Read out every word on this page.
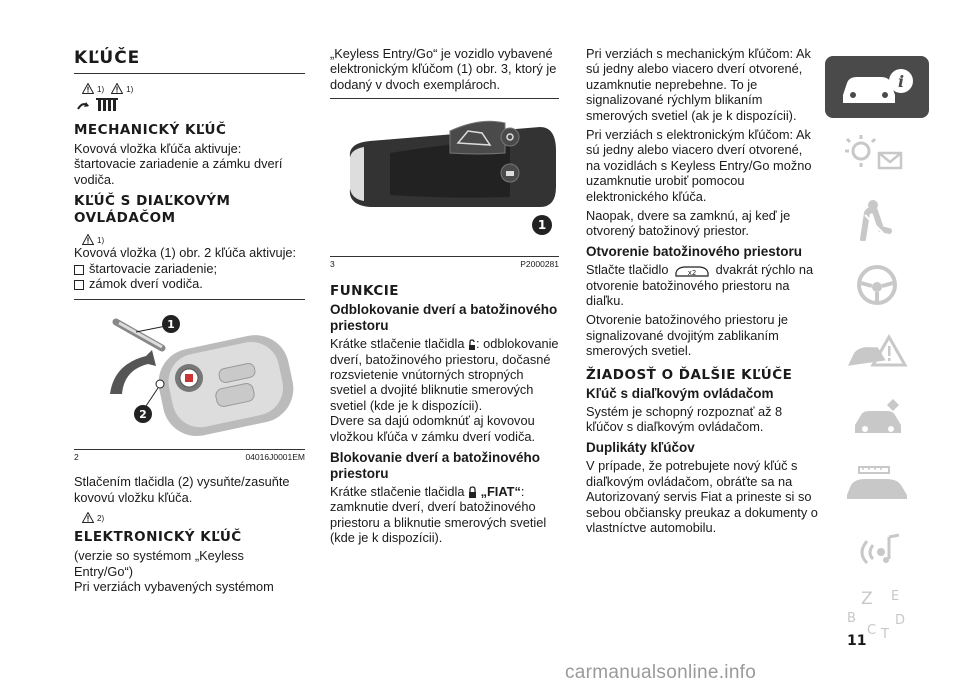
KĽÚČE
1)	1)
MECHANICKÝ KĽÚČ

Kovová vložka kľúča aktivuje: štartovacie zariadenie a zámku dverí vodiča.

KĽÚČ S DIAĽKOVÝM OVLÁDAČOM
1)

Kovová vložka (1) obr. 2 kľúča aktivuje:

štartovacie zariadenie;
zámok dverí vodiča.
1
2
2	04016J0001EM

Stlačením tlačidla (2) vysuňte/zasuňte kovovú vložku kľúča.

2)
ELEKTRONICKÝ KĽÚČ

(verzie so systémom „Keyless Entry/Go“)

Pri verziách vybavených systémom

„Keyless Entry/Go“ je vozidlo vybavené elektronickým kľúčom (1) obr. 3, ktorý je dodaný v dvoch exemplároch.

1
3	P2000281
FUNKCIE
Odblokovanie dverí a batožinového priestoru

Krátke stlačenie tlačidla : odblokovanie dverí, batožinového priestoru, dočasné rozsvietenie vnútorných stropných svetiel a dvojité bliknutie smerových svetiel (kde je k dispozícii).

Dvere sa dajú odomknúť aj kovovou vložkou kľúča v zámku dverí vodiča.

Blokovanie dverí a batožinového priestoru

Krátke stlačenie tlačidla „FIAT“: zamknutie dverí, dverí batožinového priestoru a bliknutie smerových svetiel (kde je k dispozícii).

Pri verziách s mechanickým kľúčom: Ak sú jedny alebo viacero dverí otvorené, uzamknutie neprebehne. To je signalizované rýchlym blikaním smerových svetiel (ak je k dispozícii).

Pri verziách s elektronickým kľúčom: Ak sú jedny alebo viacero dverí otvorené, na vozidlách s Keyless Entry/Go možno uzamknutie urobiť pomocou elektronického kľúča.

Naopak, dvere sa zamknú, aj keď je otvorený batožinový priestor.

Otvorenie batožinového priestoru

Stlačte tlačidlo	x2 dvakrát rýchlo na otvorenie batožinového priestoru na diaľku.

Otvorenie batožinového priestoru je signalizované dvojitým zablikaním smerových svetiel.

ŽIADOSŤ O ĎALŠIE KĽÚČE
Kľúč s diaľkovým ovládačom

Systém je schopný rozpoznať až 8 kľúčov s diaľkovým ovládačom.

Duplikáty kľúčov

V prípade, že potrebujete nový kľúč s diaľkovým ovládačom, obráťte sa na Autorizovaný servis Fiat a prineste si so sebou občiansky preukaz a dokumenty o vlastníctve automobilu.

i
Z E
B
C T
D
11
carmanualsonline.info
